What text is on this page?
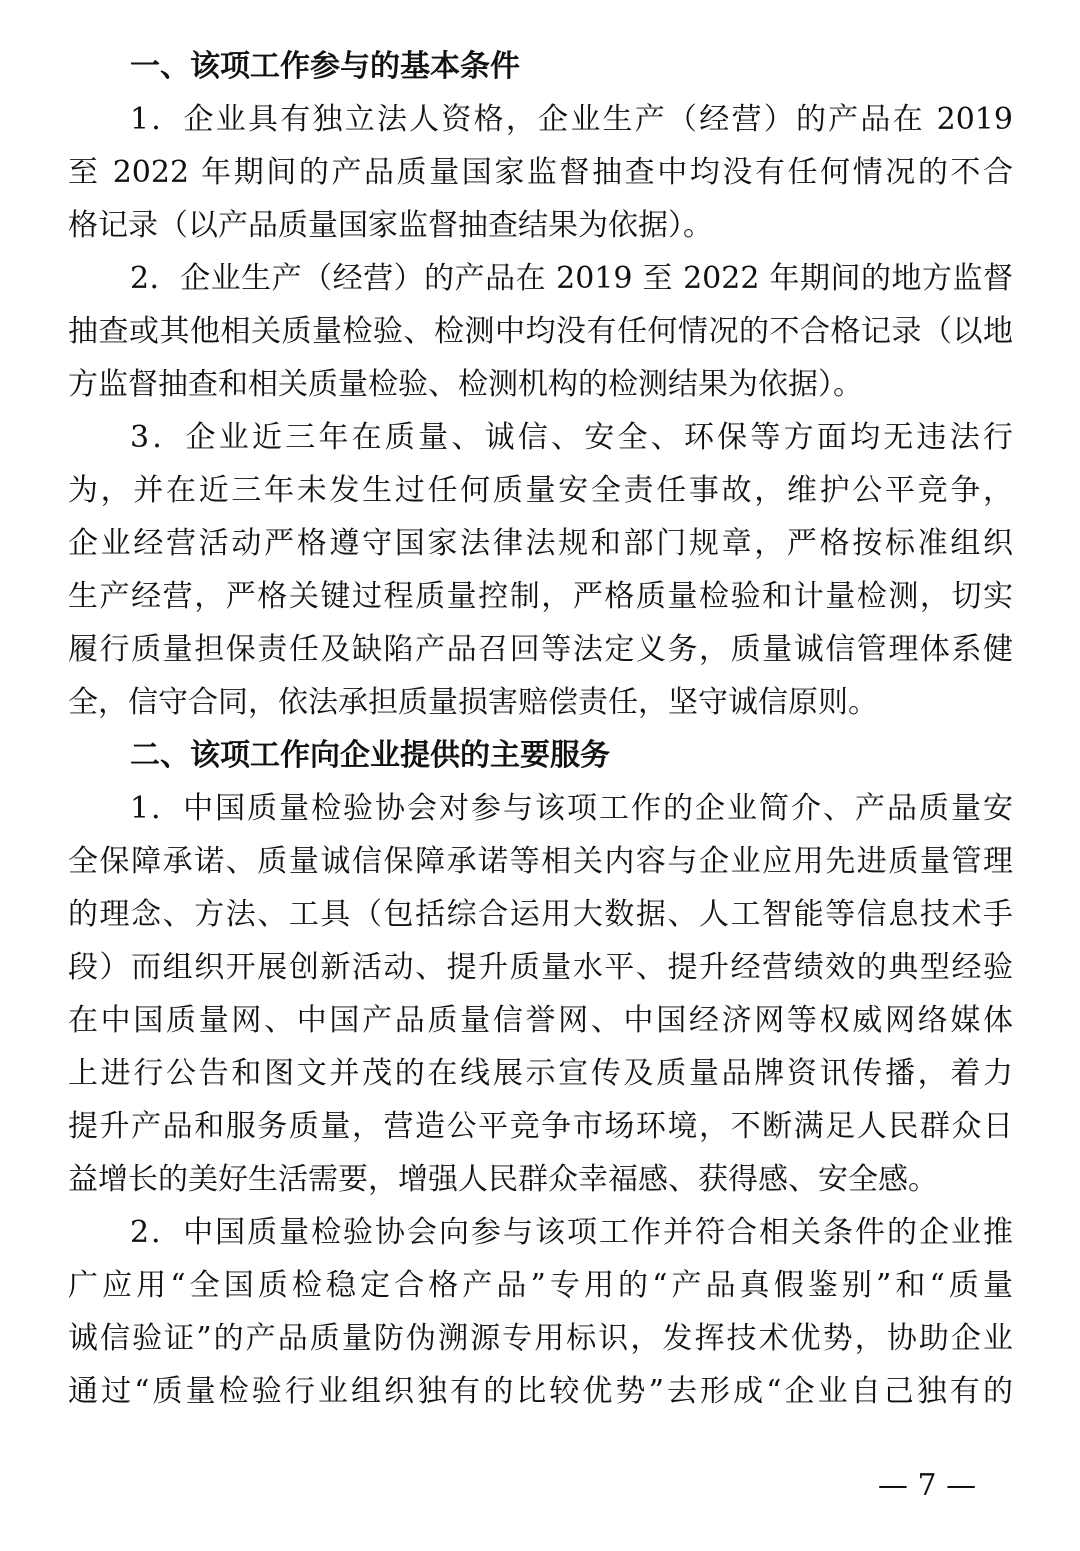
一、该项工作参与的基本条件
1．企业具有独立法人资格，企业生产（经营）的产品在 2019
至 2022 年期间的产品质量国家监督抽查中均没有任何情况的不合
格记录（以产品质量国家监督抽查结果为依据）。
2．企业生产（经营）的产品在 2019 至 2022 年期间的地方监督
抽查或其他相关质量检验、检测中均没有任何情况的不合格记录（以地
方监督抽查和相关质量检验、检测机构的检测结果为依据）。
3．企业近三年在质量、诚信、安全、环保等方面均无违法行
为，并在近三年未发生过任何质量安全责任事故，维护公平竞争，
企业经营活动严格遵守国家法律法规和部门规章，严格按标准组织
生产经营，严格关键过程质量控制，严格质量检验和计量检测，切实
履行质量担保责任及缺陷产品召回等法定义务，质量诚信管理体系健
全，信守合同，依法承担质量损害赔偿责任，坚守诚信原则。
二、该项工作向企业提供的主要服务
1．中国质量检验协会对参与该项工作的企业简介、产品质量安
全保障承诺、质量诚信保障承诺等相关内容与企业应用先进质量管理
的理念、方法、工具（包括综合运用大数据、人工智能等信息技术手
段）而组织开展创新活动、提升质量水平、提升经营绩效的典型经验
在中国质量网、中国产品质量信誉网、中国经济网等权威网络媒体
上进行公告和图文并茂的在线展示宣传及质量品牌资讯传播，着力
提升产品和服务质量，营造公平竞争市场环境，不断满足人民群众日
益增长的美好生活需要，增强人民群众幸福感、获得感、安全感。
2．中国质量检验协会向参与该项工作并符合相关条件的企业推
广应用“全国质检稳定合格产品”专用的“产品真假鉴别”和“质量
诚信验证”的产品质量防伪溯源专用标识，发挥技术优势，协助企业
通过“质量检验行业组织独有的比较优势”去形成“企业自己独有的
— 7 —
